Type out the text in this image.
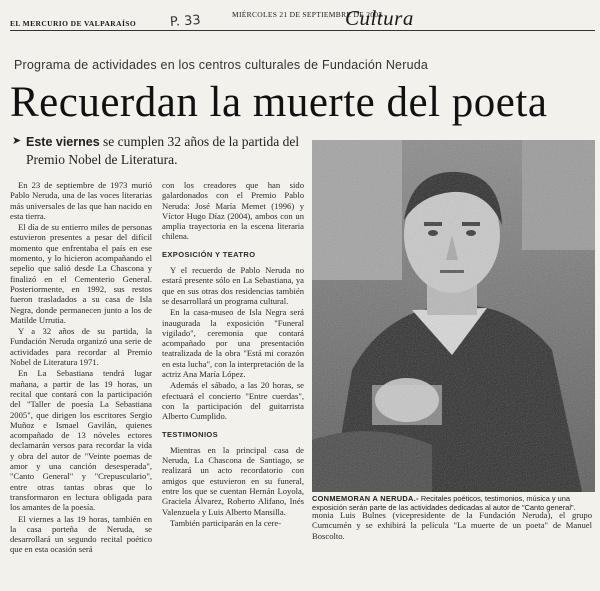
EL MERCURIO DE VALPARAÍSO	P. 33	MIÉRCOLES 21 DE SEPTIEMBRE DE 2005
Cultura
Programa de actividades en los centros culturales de Fundación Neruda
Recuerdan la muerte del poeta
➤ Este viernes se cumplen 32 años de la partida del Premio Nobel de Literatura.

En 23 de septiembre de 1973 murió Pablo Neruda, una de las voces literarias más universales de las que han nacido en esta tierra.

El día de su entierro miles de personas estuvieron presentes a pesar del difícil momento que enfrentaba el país en ese momento, y lo hicieron acompañando el sepelio que salió desde La Chascona y finalizó en el Cementerio General. Posteriormente, en 1992, sus restos fueron trasladados a su casa de Isla Negra, donde permanecen junto a los de Matilde Urrutia.

Y a 32 años de su partida, la Fundación Neruda organizó una serie de actividades para recordar al Premio Nobel de Literatura 1971.

En La Sebastiana tendrá lugar mañana, a partir de las 19 horas, un recital que contará con la participación del "Taller de poesía La Sebastiana 2005", que dirigen los escritores Sergio Muñoz e Ismael Gavilán, quienes acompañado de 13 nóveles ectores declamarán versos para recordar la vida y obra del autor de "Veinte poemas de amor y una canción desesperada", "Canto General" y "Crepusculario", entre otras tantas obras que lo transformaron en lectura obligada para los amantes de la poesía.

El viernes a las 19 horas, también en la casa porteña de Neruda, se desarrollará un segundo recital poético que en esta ocasión será

con los creadores que han sido galardonados con el Premio Pablo Neruda: José María Memet (1996) y Víctor Hugo Díaz (2004), ambos con un amplia trayectoria en la escena literaria chilena.

EXPOSICIÓN Y TEATRO

Y el recuerdo de Pablo Neruda no estará presente sólo en La Sebastiana, ya que en sus otras dos residencias también se desarrollará un programa cultural.

En la casa-museo de Isla Negra será inaugurada la exposición "Funeral vigilado", ceremonia que contará acompañado por una presentación teatralizada de la obra "Está mi corazón en esta lucha", con la interpretación de la actriz Ana María López.

Además el sábado, a las 20 horas, se efectuará el concierto "Entre cuerdas", con la participación del guitarrista Alberto Cumplido.

TESTIMONIOS

Mientras en la principal casa de Neruda, La Chascona de Santiago, se realizará un acto recordatorio con amigos que estuvieron en su funeral, entre los que se cuentan Hernán Loyola, Graciela Álvarez, Roberto Alifano, Inés Valenzuela y Luis Alberto Mansilla.

También participarán en la cere-

CONMEMORAN A NERUDA.- Recitales poéticos, testimonios, música y una exposición serán parte de las actividades dedicadas al autor de "Canto general".

monia Luis Bulnes (vicepresidente de la Fundación Neruda), el grupo Cumcumén y se exhibirá la película "La muerte de un poeta" de Manuel Boscolto.
